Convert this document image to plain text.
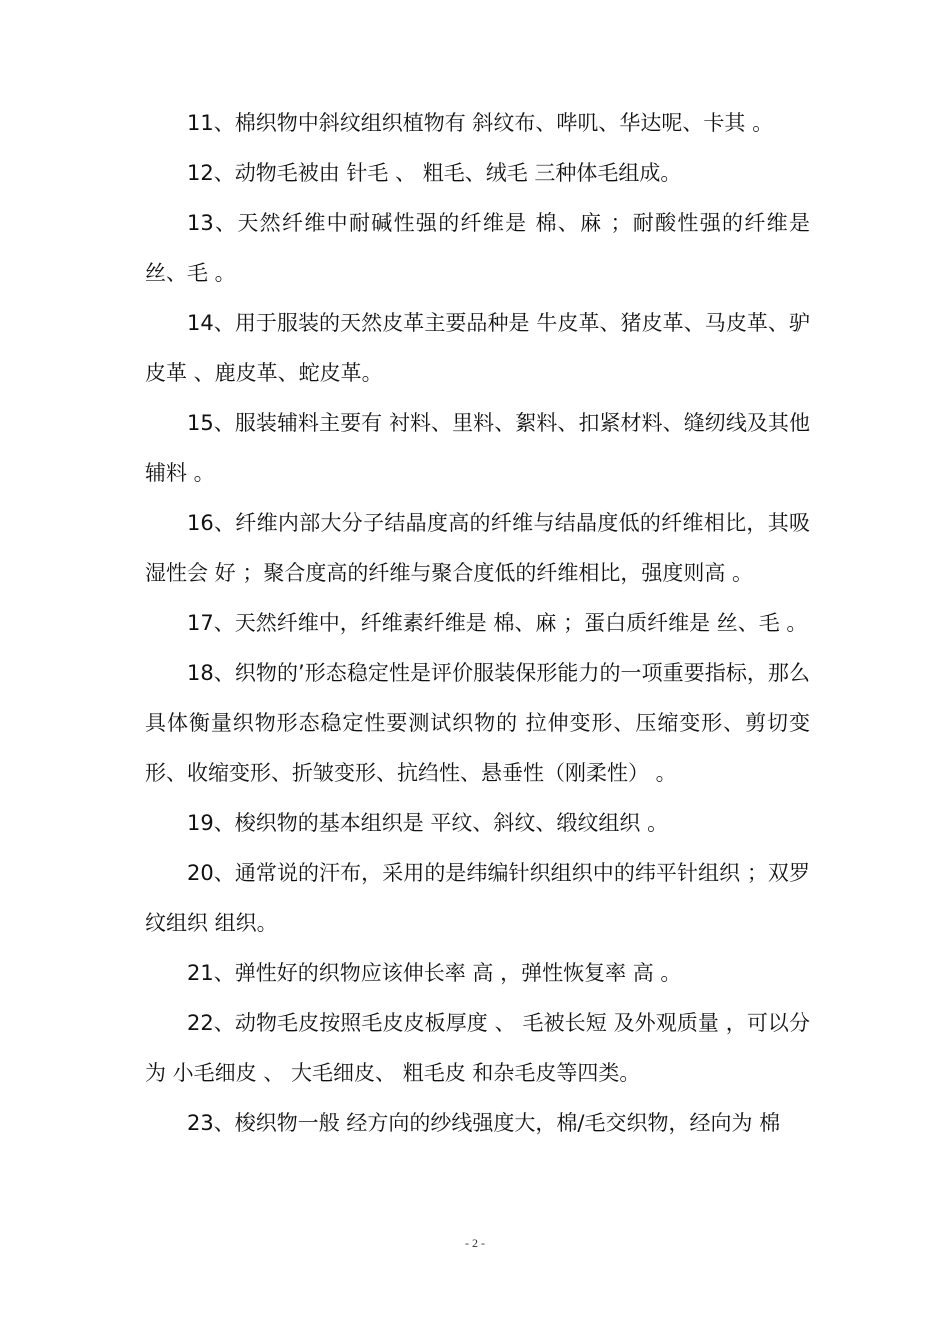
11、棉织物中斜纹组织植物有 斜纹布、哔叽、华达呢、卡其 。

12、动物毛被由 针毛 、 粗毛、绒毛 三种体毛组成。

13、天然纤维中耐碱性强的纤维是 棉、麻 ；耐酸性强的纤维是 丝、毛 。

14、用于服装的天然皮革主要品种是 牛皮革、猪皮革、马皮革、驴皮革 、鹿皮革、蛇皮革。

15、服装辅料主要有 衬料、里料、絮料、扣紧材料、缝纫线及其他辅料 。

16、纤维内部大分子结晶度高的纤维与结晶度低的纤维相比，其吸湿性会 好 ；聚合度高的纤维与聚合度低的纤维相比，强度则高 。

17、天然纤维中，纤维素纤维是 棉、麻 ；蛋白质纤维是 丝、毛 。

18、织物的’形态稳定性是评价服装保形能力的一项重要指标，那么具体衡量织物形态稳定性要测试织物的 拉伸变形、压缩变形、剪切变形、收缩变形、折皱变形、抗绉性、悬垂性（刚柔性） 。

19、梭织物的基本组织是 平纹、斜纹、缎纹组织 。

20、通常说的汗布，采用的是纬编针织组织中的纬平针组织 ；双罗纹组织 组织。

21、弹性好的织物应该伸长率 高 ，弹性恢复率 高 。

22、动物毛皮按照毛皮皮板厚度 、 毛被长短 及外观质量 ，可以分为 小毛细皮 、 大毛细皮、 粗毛皮 和杂毛皮等四类。

23、梭织物一般 经方向的纱线强度大，棉/毛交织物，经向为 棉

- 2 -
